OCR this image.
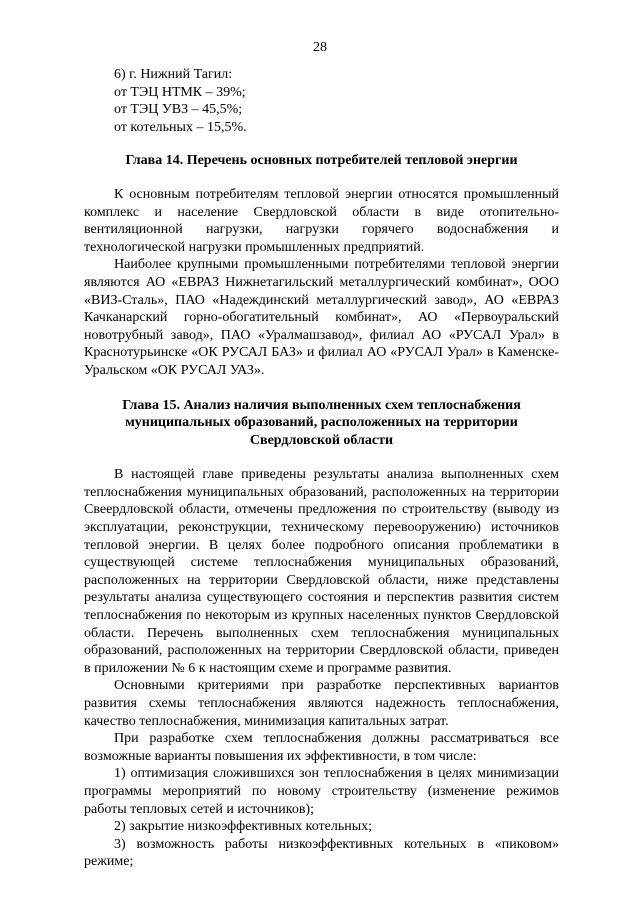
28
6) г. Нижний Тагил:
от ТЭЦ НТМК – 39%;
от ТЭЦ УВЗ – 45,5%;
от котельных – 15,5%.
Глава 14. Перечень основных потребителей тепловой энергии

К основным потребителям тепловой энергии относятся промышленный комплекс и население Свердловской области в виде отопительно-вентиляционной нагрузки, нагрузки горячего водоснабжения и технологической нагрузки промышленных предприятий.

Наиболее крупными промышленными потребителями тепловой энергии являются АО «ЕВРАЗ Нижнетагильский металлургический комбинат», ООО «ВИЗ-Сталь», ПАО «Надеждинский металлургический завод», АО «ЕВРАЗ Качканарский горно-обогатительный комбинат», АО «Первоуральский новотрубный завод», ПАО «Уралмашзавод», филиал АО «РУСАЛ Урал» в Краснотурьинске «ОК РУСАЛ БАЗ» и филиал АО «РУСАЛ Урал» в Каменске-Уральском «ОК РУСАЛ УАЗ».

Глава 15. Анализ наличия выполненных схем теплоснабжения
муниципальных образований, расположенных на территории
Свердловской области

В настоящей главе приведены результаты анализа выполненных схем теплоснабжения муниципальных образований, расположенных на территории Свеердловской области, отмечены предложения по строительству (выводу из эксплуатации, реконструкции, техническому перевооружению) источников тепловой энергии. В целях более подробного описания проблематики в существующей системе теплоснабжения муниципальных образований, расположенных на территории Свердловской области, ниже представлены результаты анализа существующего состояния и перспектив развития систем теплоснабжения по некоторым из крупных населенных пунктов Свердловской области. Перечень выполненных схем теплоснабжения муниципальных образований, расположенных на территории Свердловской области, приведен в приложении № 6 к настоящим схеме и программе развития.

Основными критериями при разработке перспективных вариантов развития схемы теплоснабжения являются надежность теплоснабжения, качество теплоснабжения, минимизация капитальных затрат.

При разработке схем теплоснабжения должны рассматриваться все возможные варианты повышения их эффективности, в том числе:

1) оптимизация сложившихся зон теплоснабжения в целях минимизации программы мероприятий по новому строительству (изменение режимов работы тепловых сетей и источников);

2) закрытие низкоэффективных котельных;

3) возможность работы низкоэффективных котельных в «пиковом» режиме;
